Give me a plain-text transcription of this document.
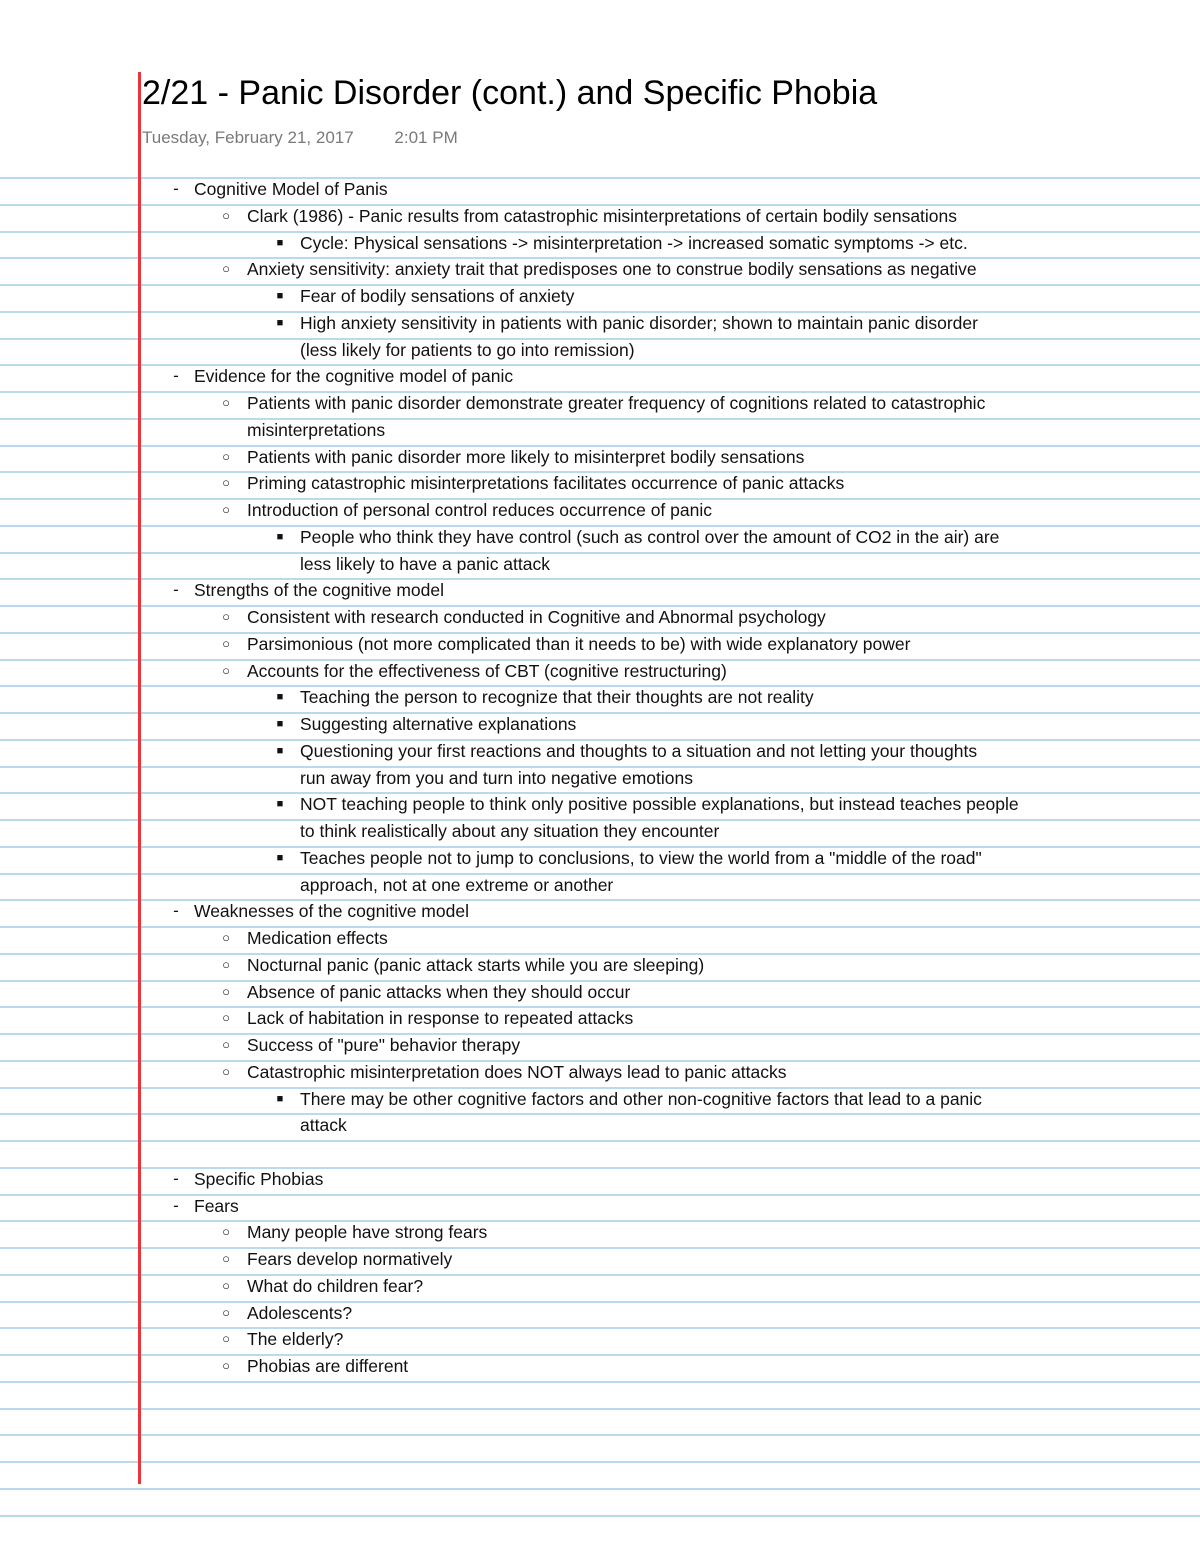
2/21 - Panic Disorder (cont.) and Specific Phobia
Tuesday, February 21, 2017 2:01 PM
- Cognitive Model of Panis
○ Clark (1986) - Panic results from catastrophic misinterpretations of certain bodily sensations
■ Cycle: Physical sensations -> misinterpretation -> increased somatic symptoms -> etc.
○ Anxiety sensitivity: anxiety trait that predisposes one to construe bodily sensations as negative
■ Fear of bodily sensations of anxiety
■ High anxiety sensitivity in patients with panic disorder; shown to maintain panic disorder
(less likely for patients to go into remission)
- Evidence for the cognitive model of panic
○ Patients with panic disorder demonstrate greater frequency of cognitions related to catastrophic
misinterpretations
○ Patients with panic disorder more likely to misinterpret bodily sensations
○ Priming catastrophic misinterpretations facilitates occurrence of panic attacks
○ Introduction of personal control reduces occurrence of panic
■ People who think they have control (such as control over the amount of CO2 in the air) are
less likely to have a panic attack
- Strengths of the cognitive model
○ Consistent with research conducted in Cognitive and Abnormal psychology
○ Parsimonious (not more complicated than it needs to be) with wide explanatory power
○ Accounts for the effectiveness of CBT (cognitive restructuring)
■ Teaching the person to recognize that their thoughts are not reality
■ Suggesting alternative explanations
■ Questioning your first reactions and thoughts to a situation and not letting your thoughts
run away from you and turn into negative emotions
■ NOT teaching people to think only positive possible explanations, but instead teaches people
to think realistically about any situation they encounter
■ Teaches people not to jump to conclusions, to view the world from a "middle of the road"
approach, not at one extreme or another
- Weaknesses of the cognitive model
○ Medication effects
○ Nocturnal panic (panic attack starts while you are sleeping)
○ Absence of panic attacks when they should occur
○ Lack of habitation in response to repeated attacks
○ Success of "pure" behavior therapy
○ Catastrophic misinterpretation does NOT always lead to panic attacks
■ There may be other cognitive factors and other non-cognitive factors that lead to a panic
attack
- Specific Phobias
- Fears
○ Many people have strong fears
○ Fears develop normatively
○ What do children fear?
○ Adolescents?
○ The elderly?
○ Phobias are different
